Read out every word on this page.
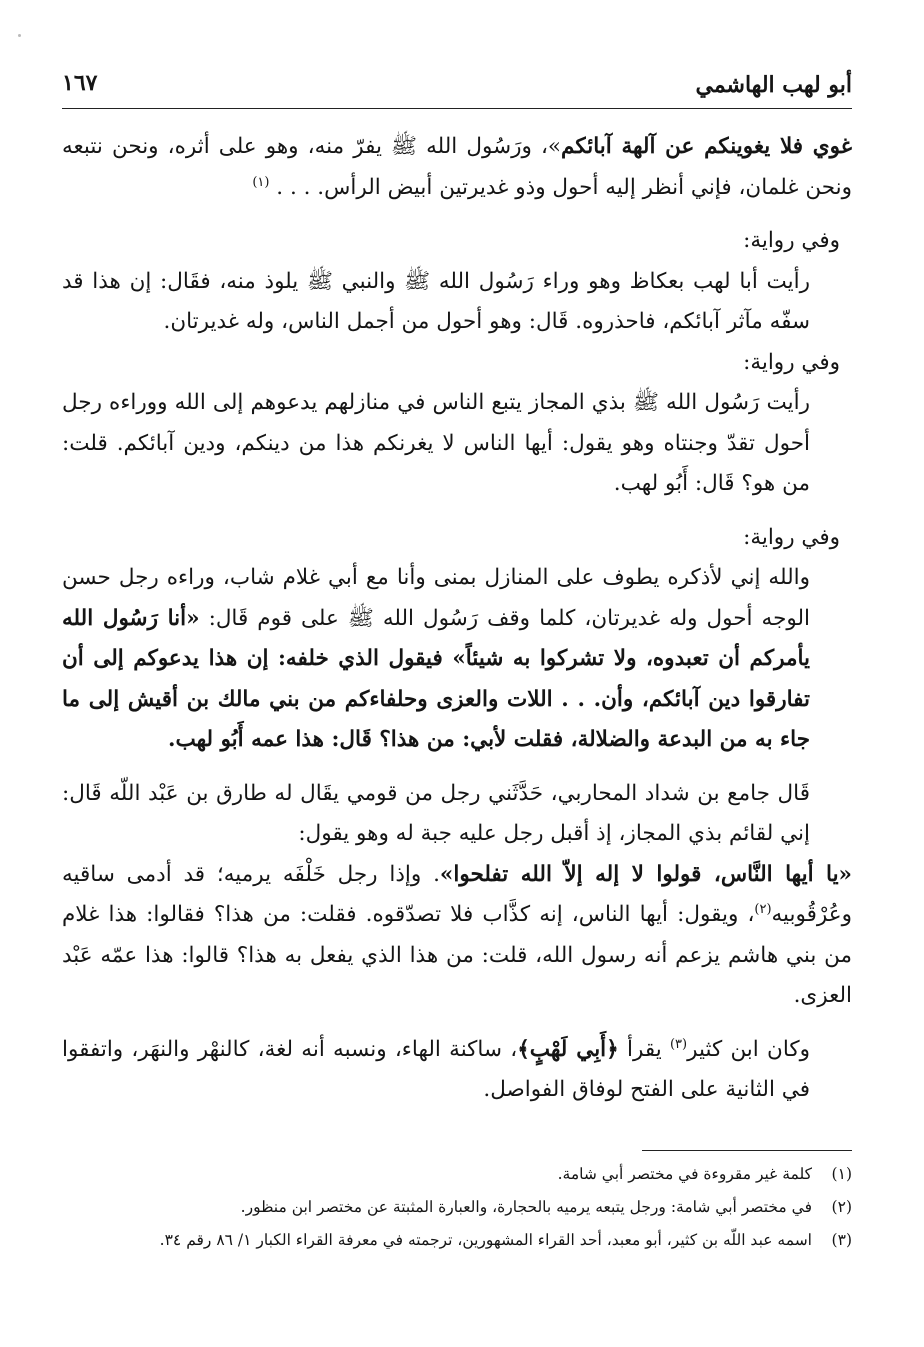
أبو لهب الهاشمي
١٦٧

غوي فلا يغوينكم عن آلهة آبائكم»، ورَسُول الله ﷺ يفرّ منه، وهو على أثره، ونحن نتبعه ونحن غلمان، فإني أنظر إليه أحول وذو غديرتين أبيض الرأس. . . . $^{(١)}$

وفي رواية:

رأيت أبا لهب بعكاظ وهو وراء رَسُول الله ﷺ والنبي ﷺ يلوذ منه، فقَال: إن هذا قد سفّه مآثر آبائكم، فاحذروه. قَال: وهو أحول من أجمل الناس، وله غديرتان.

وفي رواية:

رأيت رَسُول الله ﷺ بذي المجاز يتبع الناس في منازلهم يدعوهم إلى الله ووراءه رجل أحول تقدّ وجنتاه وهو يقول: أيها الناس لا يغرنكم هذا من دينكم، ودين آبائكم. قلت: من هو؟ قَال: أَبُو لهب.

وفي رواية:

والله إني لأذكره يطوف على المنازل بمنى وأنا مع أبي غلام شاب، وراءه رجل حسن الوجه أحول وله غديرتان، كلما وقف رَسُول الله ﷺ على قوم قَال: «أنا رَسُول الله يأمركم أن تعبدوه، ولا تشركوا به شيئاً» فيقول الذي خلفه: إن هذا يدعوكم إلى أن تفارقوا دين آبائكم، وأن. . . اللات والعزى وحلفاءكم من بني مالك بن أقيش إلى ما جاء به من البدعة والضلالة، فقلت لأبي: من هذا؟ قَال: هذا عمه أَبُو لهب.

قَال جامع بن شداد المحاربي، حَدَّثَني رجل من قومي يقَال له طارق بن عَبْد اللّه قَال: إني لقائم بذي المجاز، إذ أقبل رجل عليه جبة له وهو يقول:

«يا أيها النَّاس، قولوا لا إله إلاّ الله تفلحوا». وإذا رجل خَلْفَه يرميه؛ قد أدمى ساقيه وعُرْقُوبيه$^{(٢)}$، ويقول: أيها الناس، إنه كذَّاب فلا تصدّقوه. فقلت: من هذا؟ فقالوا: هذا غلام من بني هاشم يزعم أنه رسول الله، قلت: من هذا الذي يفعل به هذا؟ قالوا: هذا عمّه عَبْد العزى.

وكان ابن كثير$^{(٣)}$ يقرأ ﴿أَبِي لَهْبٍ﴾، ساكنة الهاء، ونسبه أنه لغة، كالنهْر والنهَر، واتفقوا في الثانية على الفتح لوفاق الفواصل.

(١)كلمة غير مقروءة في مختصر أبي شامة.

(٢)في مختصر أبي شامة: ورجل يتبعه يرميه بالحجارة، والعبارة المثبتة عن مختصر ابن منظور.

(٣)اسمه عبد اللّه بن كثير، أبو معبد، أحد القراء المشهورين، ترجمته في معرفة القراء الكبار ١/ ٨٦ رقم ٣٤.
